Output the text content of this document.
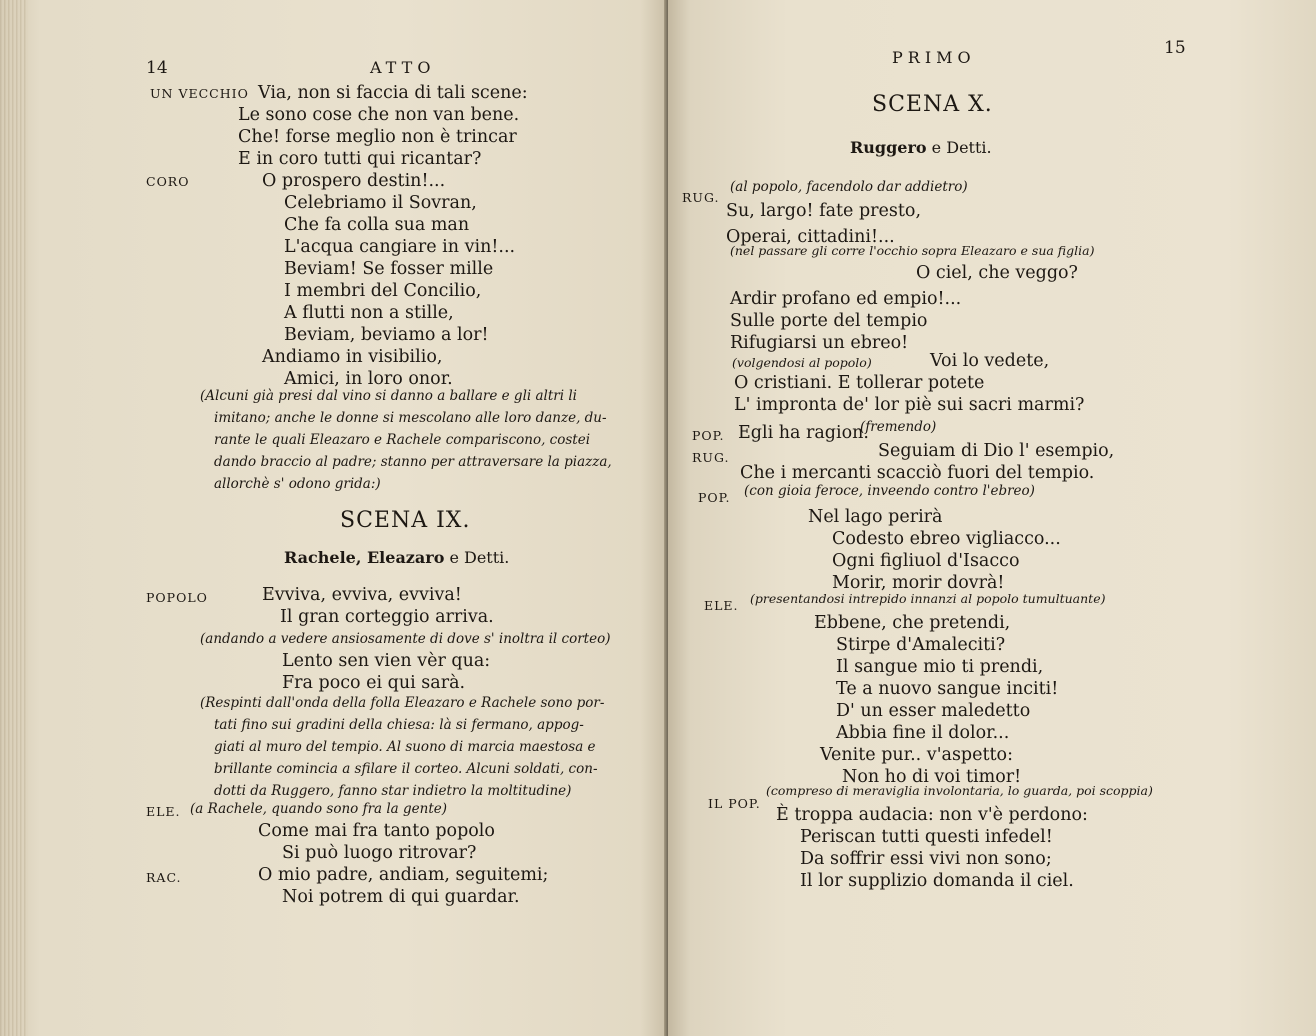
14	ATTO
UN VECCHIO Via, non si faccia di tali scene:
Le sono cose che non van bene.
Che! forse meglio non è trincar
E in coro tutti qui ricantar?
CORO	O prospero destin!...
Celebriamo il Sovran,
Che fa colla sua man
L'acqua cangiare in vin!...
Beviam! Se fosser mille
I membri del Concilio,
A flutti non a stille,
Beviam, beviamo a lor!
Andiamo in visibilio,
Amici, in loro onor.
(Alcuni già presi dal vino si danno a ballare e gli altri li
imitano; anche le donne si mescolano alle loro danze, du-
rante le quali Eleazaro e Rachele compariscono, costei
dando braccio al padre; stanno per attraversare la piazza,
allorchè s' odono grida:)
SCENA IX.
Rachele, Eleazaro e Detti.
POPOLO	Evviva, evviva, evviva!
Il gran corteggio arriva.
(andando a vedere ansiosamente di dove s' inoltra il corteo)
Lento sen vien vèr qua:
Fra poco ei qui sarà.
(Respinti dall'onda della folla Eleazaro e Rachele sono por-
tati fino sui gradini della chiesa: là si fermano, appog-
giati al muro del tempio. Al suono di marcia maestosa e
brillante comincia a sfilare il corteo. Alcuni soldati, con-
dotti da Ruggero, fanno star indietro la moltitudine)
ELE. (a Rachele, quando sono fra la gente)
Come mai fra tanto popolo
Si può luogo ritrovar?
RAC.	O mio padre, andiam, seguitemi;
Noi potrem di qui guardar.
PRIMO	15
SCENA X.
Ruggero e Detti.
RUG.
(al popolo, facendolo dar addietro)
Su, largo! fate presto,
Operai, cittadini!...
(nel passare gli corre l'occhio sopra Eleazaro e sua figlia)
O ciel, che veggo?
Ardir profano ed empio!...
Sulle porte del tempio
Rifugiarsi un ebreo!
(volgendosi al popolo)	Voi lo vedete,
O cristiani. E tollerar potete
L' impronta de' lor piè sui sacri marmi?
POP. Egli ha ragion.
(fremendo)
RUG.	Seguiam di Dio l' esempio,
Che i mercanti scacciò fuori del tempio.
POP. (con gioia feroce, inveendo contro l'ebreo)
Nel lago perirà
Codesto ebreo vigliacco...
Ogni figliuol d'Isacco
Morir, morir dovrà!
ELE. (presentandosi intrepido innanzi al popolo tumultuante)
Ebbene, che pretendi,
Stirpe d'Amaleciti?
Il sangue mio ti prendi,
Te a nuovo sangue inciti!
D' un esser maledetto
Abbia fine il dolor...
Venite pur.. v'aspetto:
Non ho di voi timor!
IL POP.
(compreso di meraviglia involontaria, lo guarda, poi scoppia)
È troppa audacia: non v'è perdono:
Periscan tutti questi infedel!
Da soffrir essi vivi non sono;
Il lor supplizio domanda il ciel.
